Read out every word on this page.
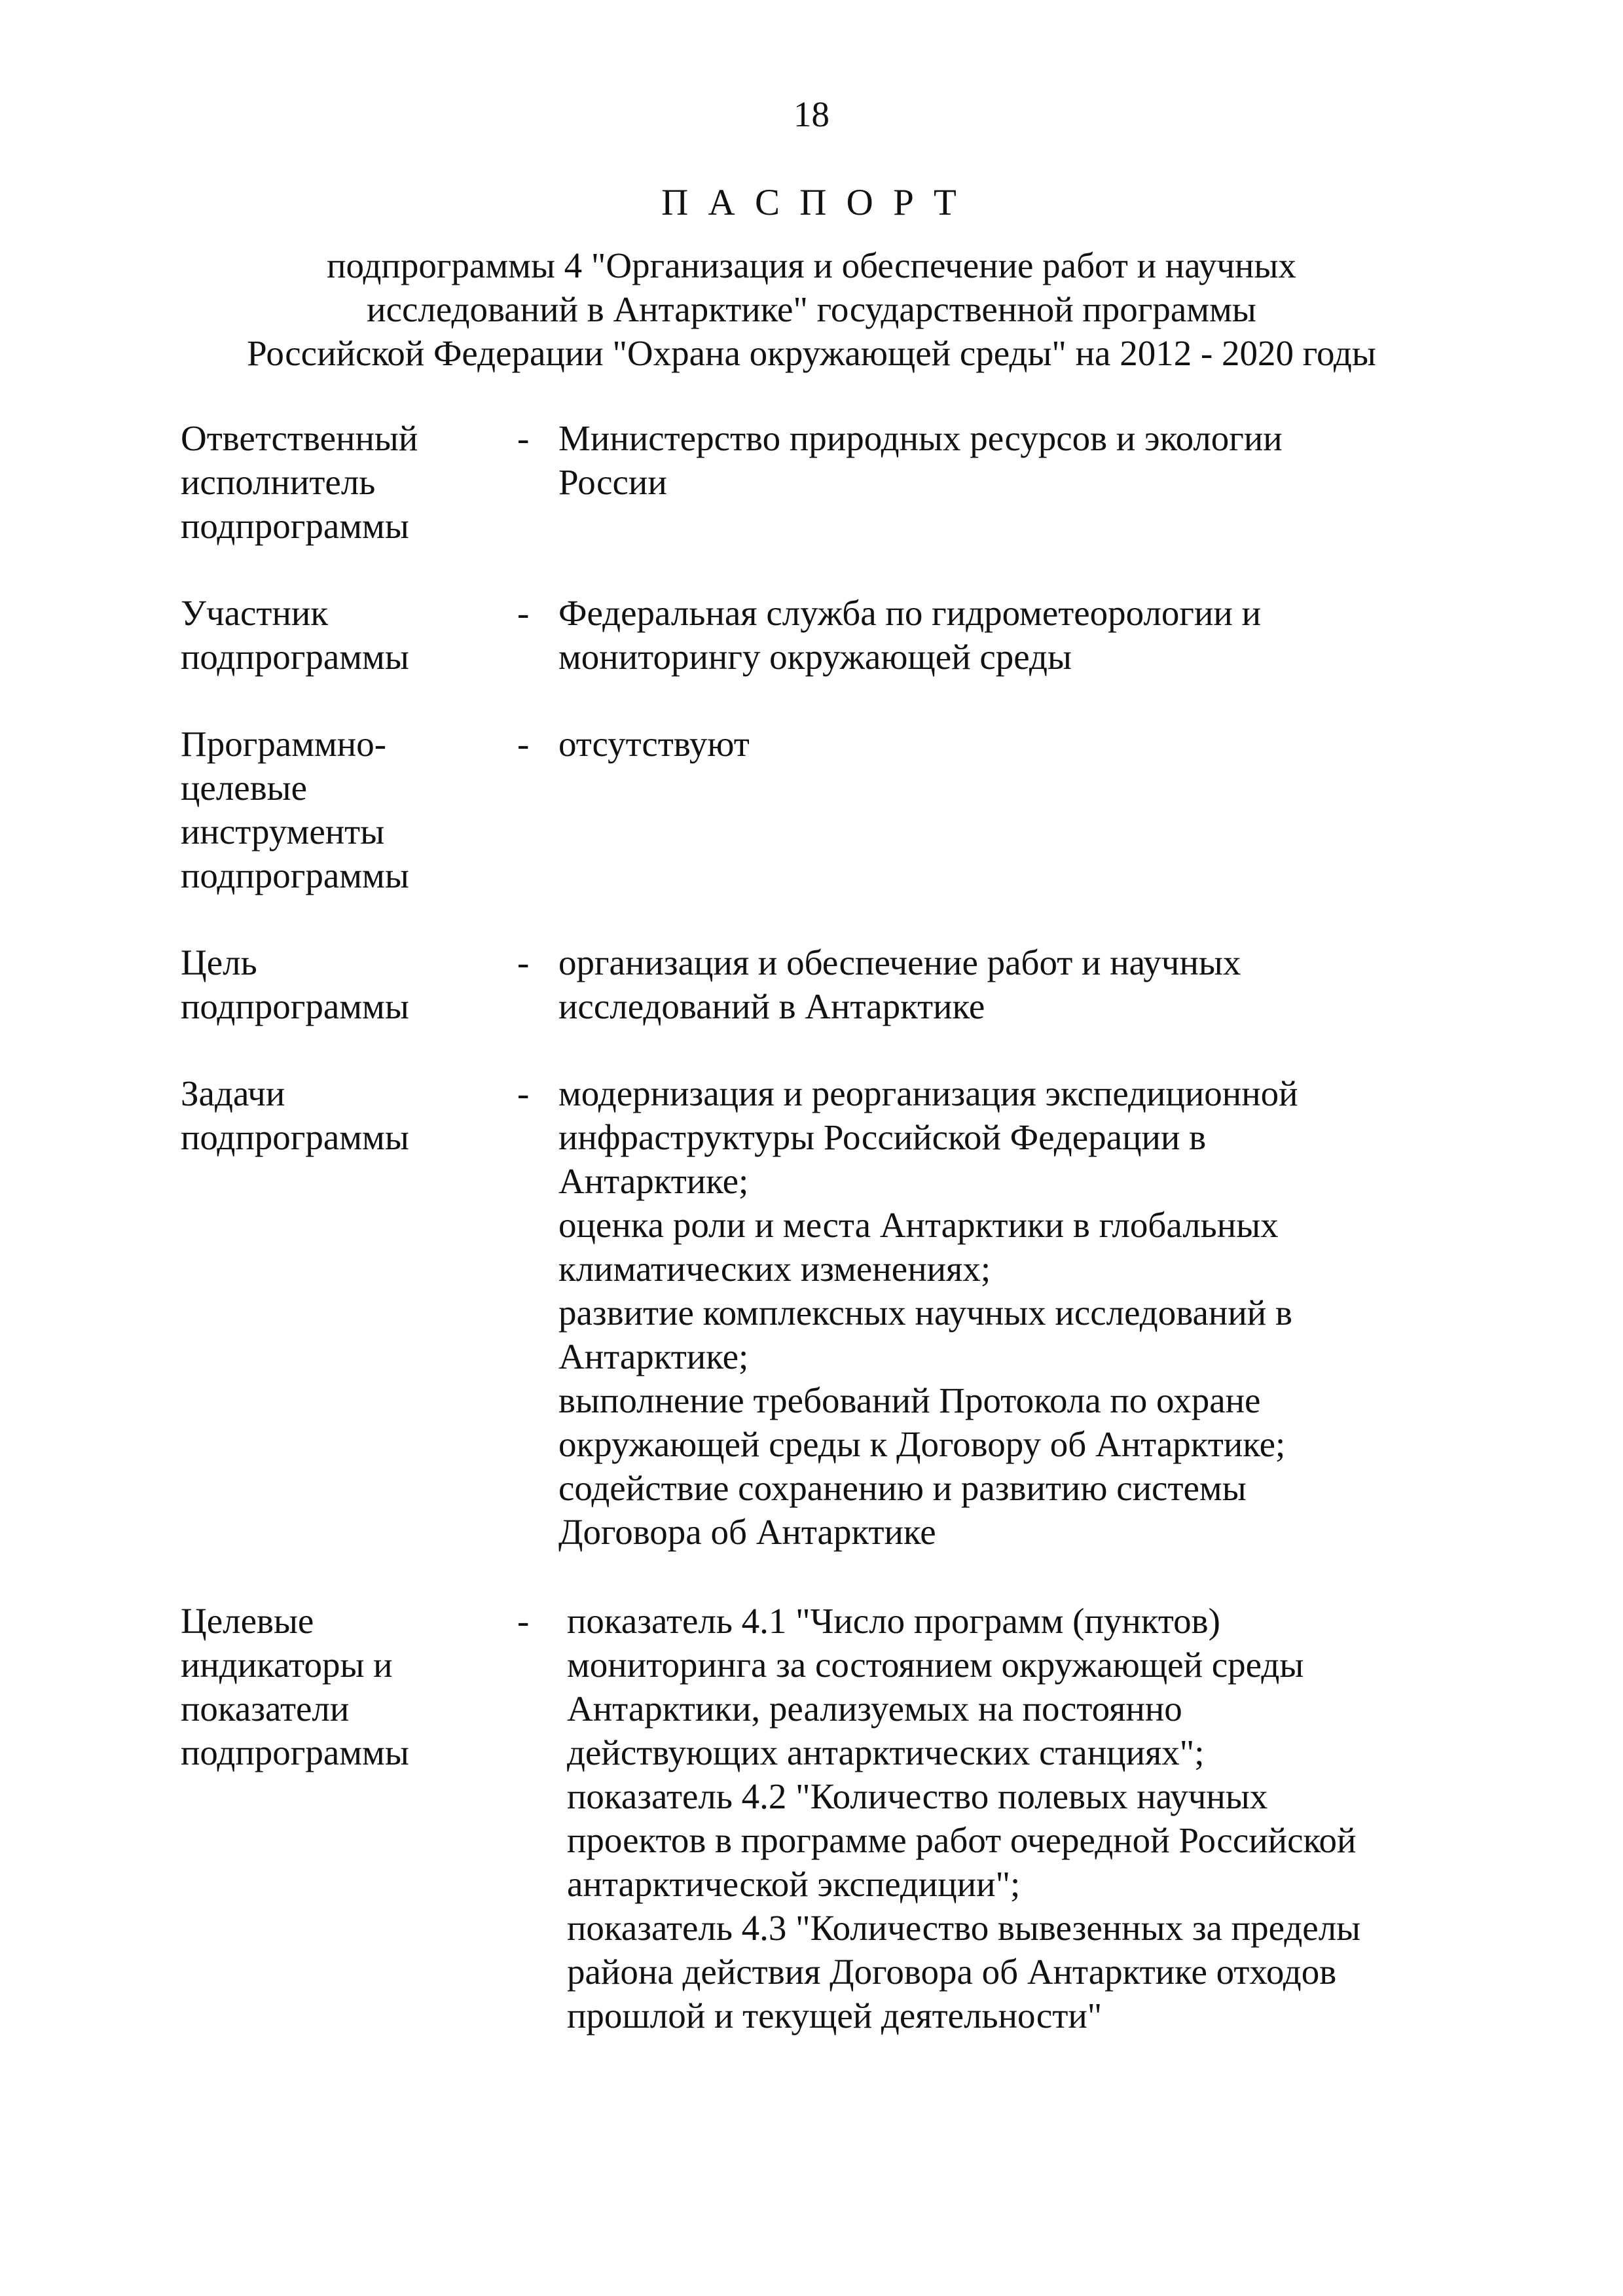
18
П А С П О Р Т
подпрограммы 4 "Организация и обеспечение работ и научных
исследований в Антарктике" государственной программы
Российской Федерации "Охрана окружающей среды" на 2012 - 2020 годы
Ответственный
исполнитель
подпрограммы
- Министерство природных ресурсов и экологии
России
Участник
подпрограммы
- Федеральная служба по гидрометеорологии и
мониторингу окружающей среды
Программно-
целевые
инструменты
подпрограммы
- отсутствуют
Цель
подпрограммы
- организация и обеспечение работ и научных
исследований в Антарктике
Задачи
подпрограммы
- модернизация и реорганизация экспедиционной
инфраструктуры Российской Федерации в
Антарктике;
оценка роли и места Антарктики в глобальных
климатических изменениях;
развитие комплексных научных исследований в
Антарктике;
выполнение требований Протокола по охране
окружающей среды к Договору об Антарктике;
содействие сохранению и развитию системы
Договора об Антарктике
Целевые
индикаторы и
показатели
подпрограммы
- показатель 4.1 "Число программ (пунктов)
мониторинга за состоянием окружающей среды
Антарктики, реализуемых на постоянно
действующих антарктических станциях";
показатель 4.2 "Количество полевых научных
проектов в программе работ очередной Российской
антарктической экспедиции";
показатель 4.3 "Количество вывезенных за пределы
района действия Договора об Антарктике отходов
прошлой и текущей деятельности"
